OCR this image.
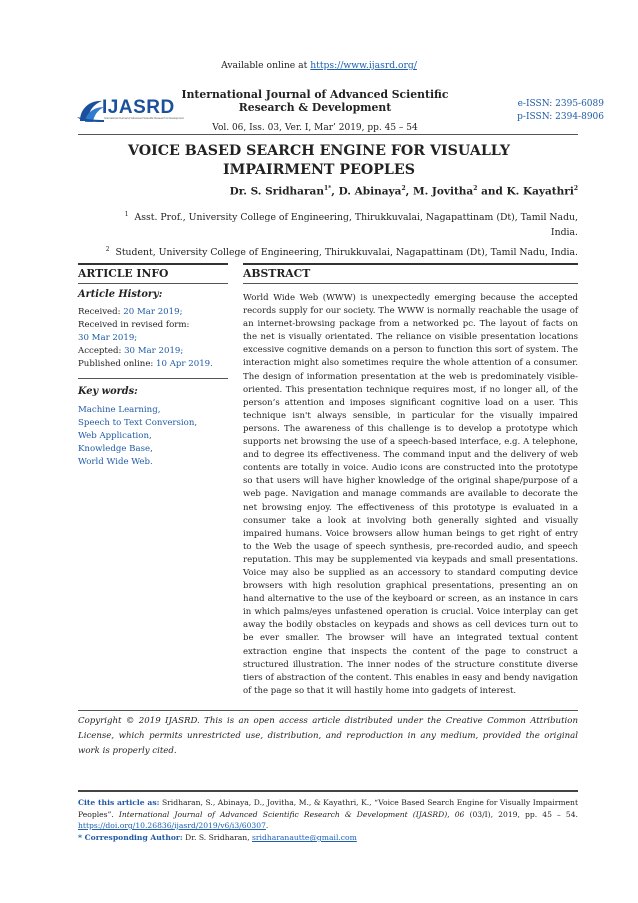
Available online at https://www.ijasrd.org/
IJASRD
International Journal of Advanced Scientific Research & Development
International Journal of Advanced Scientific
Research & Development
Vol. 06, Iss. 03, Ver. I, Mar’ 2019, pp. 45 – 54
e-ISSN: 2395-6089
p-ISSN: 2394-8906
VOICE BASED SEARCH ENGINE FOR VISUALLY
IMPAIRMENT PEOPLES
Dr. S. Sridharan$^{1*}$, D. Abinaya$^2$, M. Jovitha$^2$ and K. Kayathri$^2$
$^1$ Asst. Prof., University College of Engineering, Thirukkuvalai, Nagapattinam (Dt), Tamil Nadu,
India.
$^2$ Student, University College of Engineering, Thirukkuvalai, Nagapattinam (Dt), Tamil Nadu, India.
ARTICLE INFO
Article History:
Received: 20 Mar 2019;
Received in revised form:
30 Mar 2019;
Accepted: 30 Mar 2019;
Published online: 10 Apr 2019.
Key words:
Machine Learning,
Speech to Text Conversion,
Web Application,
Knowledge Base,
World Wide Web.
ABSTRACT
World Wide Web (WWW) is unexpectedly emerging because the accepted records supply for our society. The WWW is normally reachable the usage of an internet-browsing package from a networked pc. The layout of facts on the net is visually orientated. The reliance on visible presentation locations excessive cognitive demands on a person to function this sort of system. The interaction might also sometimes require the whole attention of a consumer. The design of information presentation at the web is predominately visible-oriented. This presentation technique requires most, if no longer all, of the person’s attention and imposes significant cognitive load on a user. This technique isn't always sensible, in particular for the visually impaired persons. The awareness of this challenge is to develop a prototype which supports net browsing the use of a speech-based interface, e.g. A telephone, and to degree its effectiveness. The command input and the delivery of web contents are totally in voice. Audio icons are constructed into the prototype so that users will have higher knowledge of the original shape/purpose of a web page. Navigation and manage commands are available to decorate the net browsing enjoy. The effectiveness of this prototype is evaluated in a consumer take a look at involving both generally sighted and visually impaired humans. Voice browsers allow human beings to get right of entry to the Web the usage of speech synthesis, pre-recorded audio, and speech reputation. This may be supplemented via keypads and small presentations. Voice may also be supplied as an accessory to standard computing device browsers with high resolution graphical presentations, presenting an on hand alternative to the use of the keyboard or screen, as an instance in cars in which palms/eyes unfastened operation is crucial. Voice interplay can get away the bodily obstacles on keypads and shows as cell devices turn out to be ever smaller. The browser will have an integrated textual content extraction engine that inspects the content of the page to construct a structured illustration. The inner nodes of the structure constitute diverse tiers of abstraction of the content. This enables in easy and bendy navigation of the page so that it will hastily home into gadgets of interest.
Copyright © 2019 IJASRD. This is an open access article distributed under the Creative Common Attribution License, which permits unrestricted use, distribution, and reproduction in any medium, provided the original work is properly cited.
Cite this article as: Sridharan, S., Abinaya, D., Jovitha, M., & Kayathri, K., “Voice Based Search Engine for Visually Impairment Peoples”. International Journal of Advanced Scientific Research & Development (IJASRD), 06 (03/I), 2019, pp. 45 – 54. https://doi.org/10.26836/ijasrd/2019/v6/i3/60307.
* Corresponding Author: Dr. S. Sridharan, sridharanautte@gmail.com
